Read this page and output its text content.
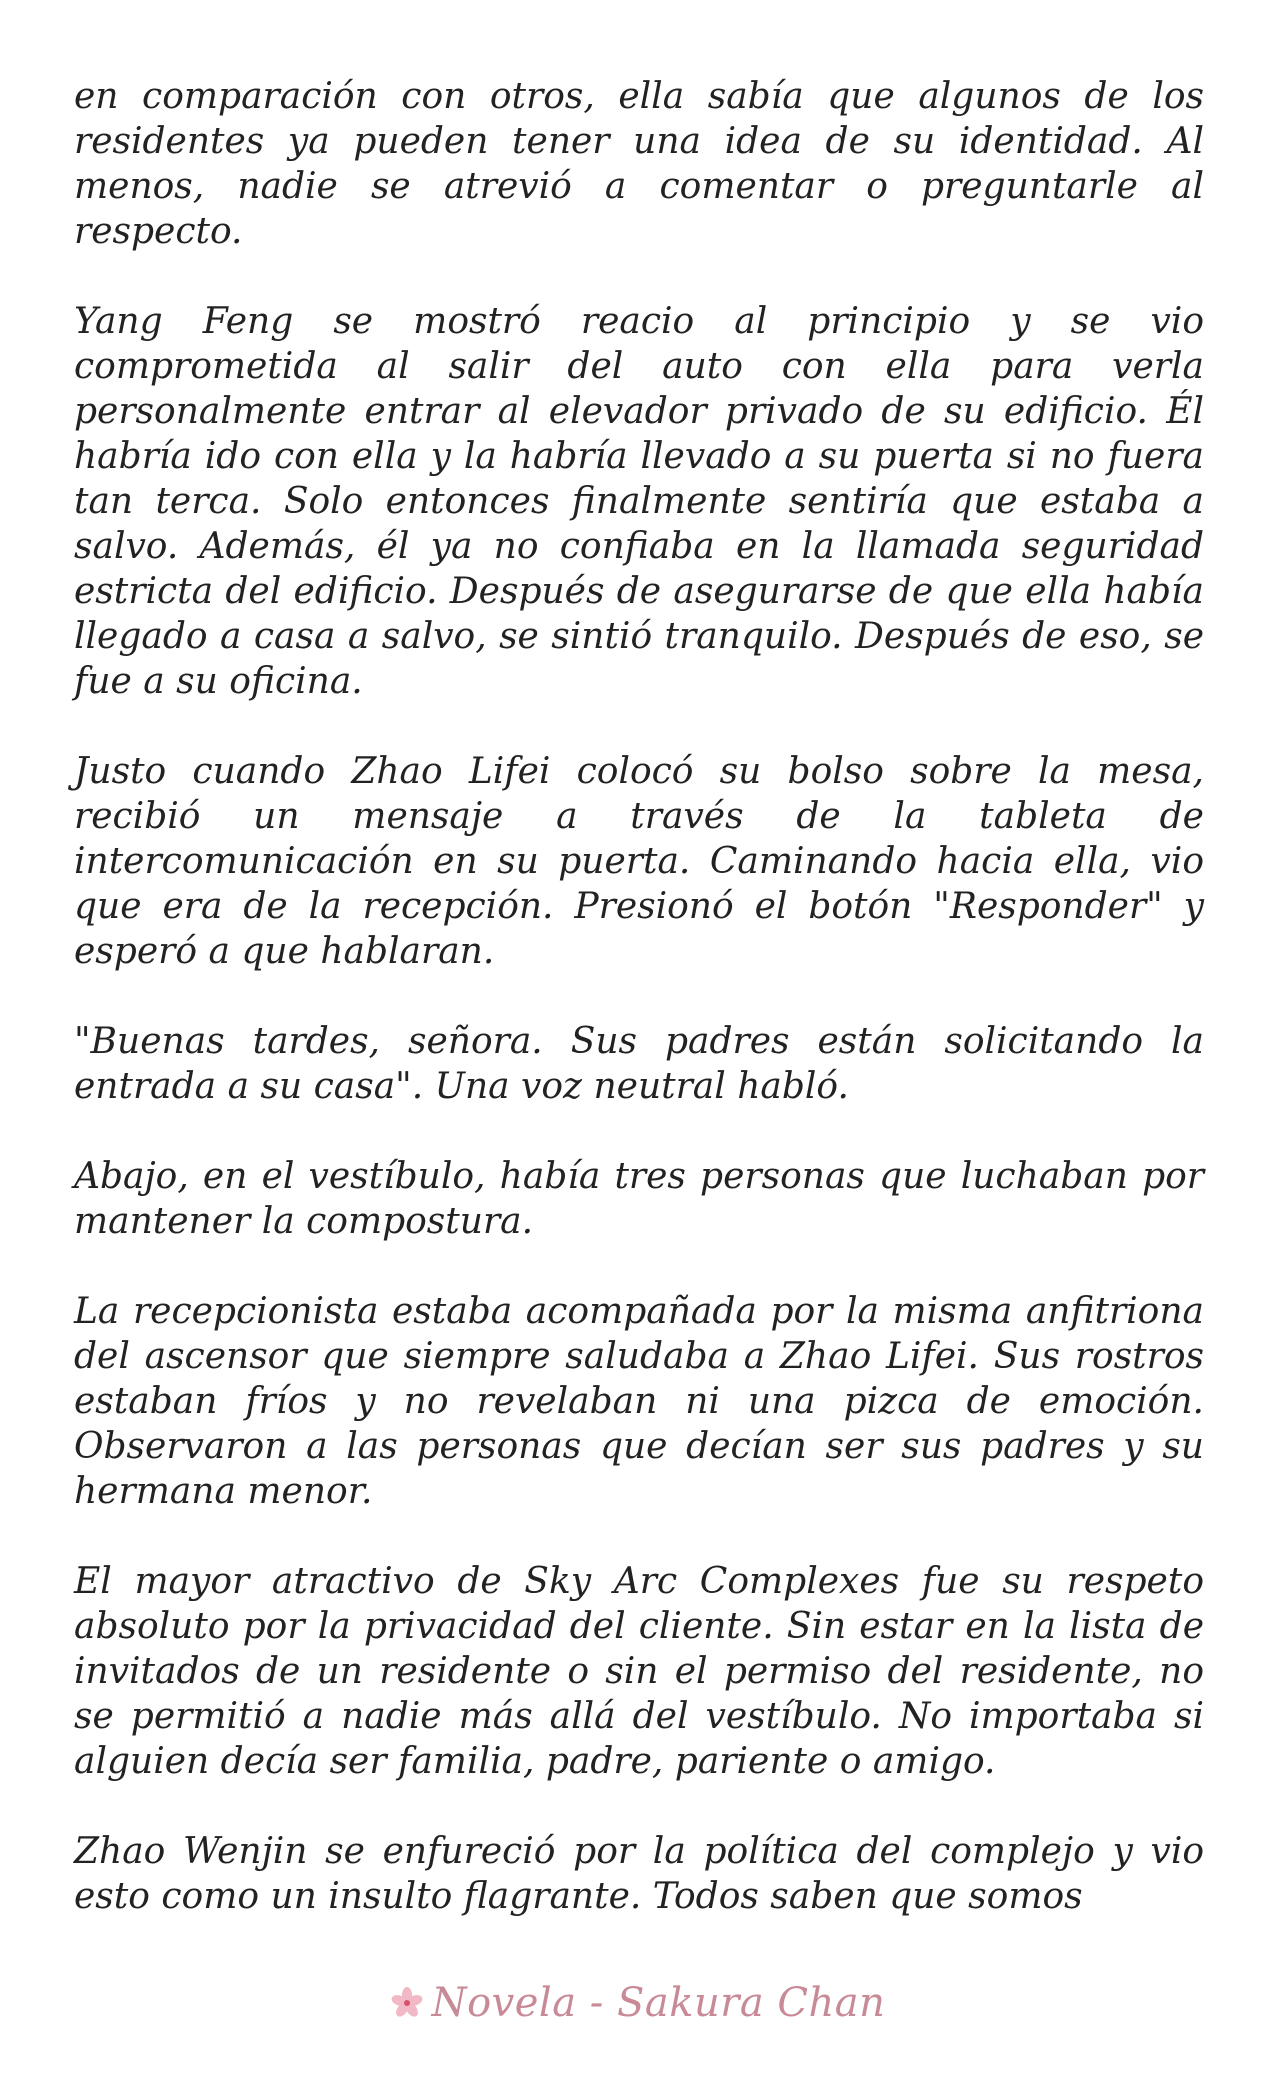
en comparación con otros, ella sabía que algunos de los residentes ya pueden tener una idea de su identidad. Al menos, nadie se atrevió a comentar o preguntarle al respecto.

Yang Feng se mostró reacio al principio y se vio comprometida al salir del auto con ella para verla personalmente entrar al elevador privado de su edificio. Él habría ido con ella y la habría llevado a su puerta si no fuera tan terca. Solo entonces finalmente sentiría que estaba a salvo. Además, él ya no confiaba en la llamada seguridad estricta del edificio. Después de asegurarse de que ella había llegado a casa a salvo, se sintió tranquilo. Después de eso, se fue a su oficina.

Justo cuando Zhao Lifei colocó su bolso sobre la mesa, recibió un mensaje a través de la tableta de intercomunicación en su puerta. Caminando hacia ella, vio que era de la recepción. Presionó el botón "Responder" y esperó a que hablaran.

"Buenas tardes, señora. Sus padres están solicitando la entrada a su casa". Una voz neutral habló.

Abajo, en el vestíbulo, había tres personas que luchaban por mantener la compostura.

La recepcionista estaba acompañada por la misma anfitriona del ascensor que siempre saludaba a Zhao Lifei. Sus rostros estaban fríos y no revelaban ni una pizca de emoción. Observaron a las personas que decían ser sus padres y su hermana menor.

El mayor atractivo de Sky Arc Complexes fue su respeto absoluto por la privacidad del cliente. Sin estar en la lista de invitados de un residente o sin el permiso del residente, no se permitió a nadie más allá del vestíbulo. No importaba si alguien decía ser familia, padre, pariente o amigo.

Zhao Wenjin se enfureció por la política del complejo y vio esto como un insulto flagrante. Todos saben que somos

Novela - Sakura Chan
